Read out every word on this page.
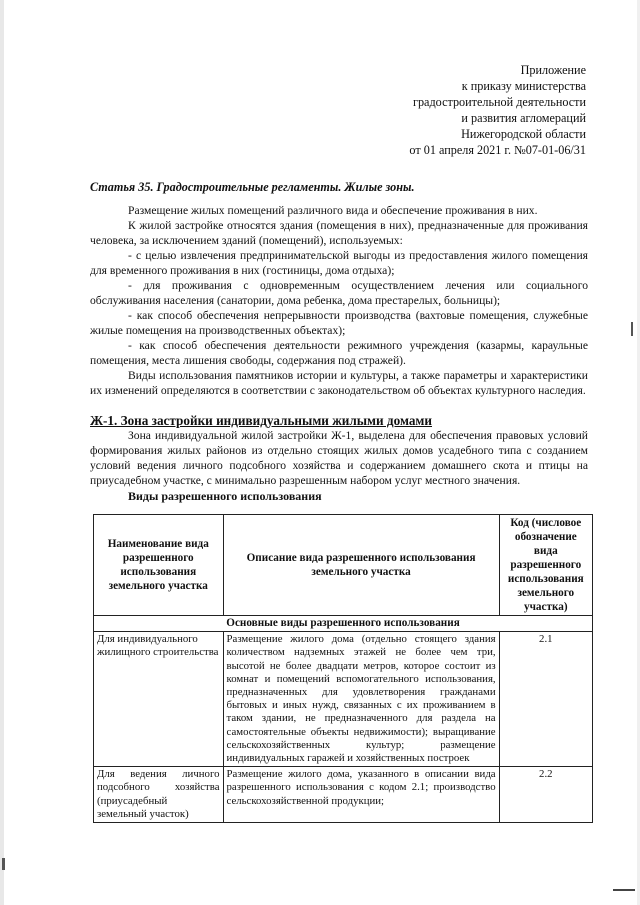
Приложение
к приказу министерства
градостроительной деятельности
и развития агломераций
Нижегородской области
от 01 апреля 2021 г. №07-01-06/31
Статья 35. Градостроительные регламенты. Жилые зоны.

Размещение жилых помещений различного вида и обеспечение проживания в них.

К жилой застройке относятся здания (помещения в них), предназначенные для проживания человека, за исключением зданий (помещений), используемых:

- с целью извлечения предпринимательской выгоды из предоставления жилого помещения для временного проживания в них (гостиницы, дома отдыха);

- для проживания с одновременным осуществлением лечения или социального обслуживания населения (санатории, дома ребенка, дома престарелых, больницы);

- как способ обеспечения непрерывности производства (вахтовые помещения, служебные жилые помещения на производственных объектах);

- как способ обеспечения деятельности режимного учреждения (казармы, караульные помещения, места лишения свободы, содержания под стражей).

Виды использования памятников истории и культуры, а также параметры и характеристики их изменений определяются в соответствии с законодательством об объектах культурного наследия.

Ж-1. Зона застройки индивидуальными жилыми домами

Зона индивидуальной жилой застройки Ж-1, выделена для обеспечения правовых условий формирования жилых районов из отдельно стоящих жилых домов усадебного типа с созданием условий ведения личного подсобного хозяйства и содержанием домашнего скота и птицы на приусадебном участке, с минимально разрешенным набором услуг местного значения.

Виды разрешенного использования
Наименование вида разрешенного использования земельного участка	Описание вида разрешенного использования земельного участка	Код (числовое обозначение вида разрешенного использования земельного участка)
Основные виды разрешенного использования		
Для индивидуального жилищного строительства	Размещение жилого дома (отдельно стоящего здания количеством надземных этажей не более чем три, высотой не более двадцати метров, которое состоит из комнат и помещений вспомогательного использования, предназначенных для удовлетворения гражданами бытовых и иных нужд, связанных с их проживанием в таком здании, не предназначенного для раздела на самостоятельные объекты недвижимости); выращивание сельскохозяйственных культур; размещение индивидуальных гаражей и хозяйственных построек	2.1
Для ведения личного подсобного хозяйства (приусадебный земельный участок)	Размещение жилого дома, указанного в описании вида разрешенного использования с кодом 2.1; производство сельскохозяйственной продукции;	2.2
